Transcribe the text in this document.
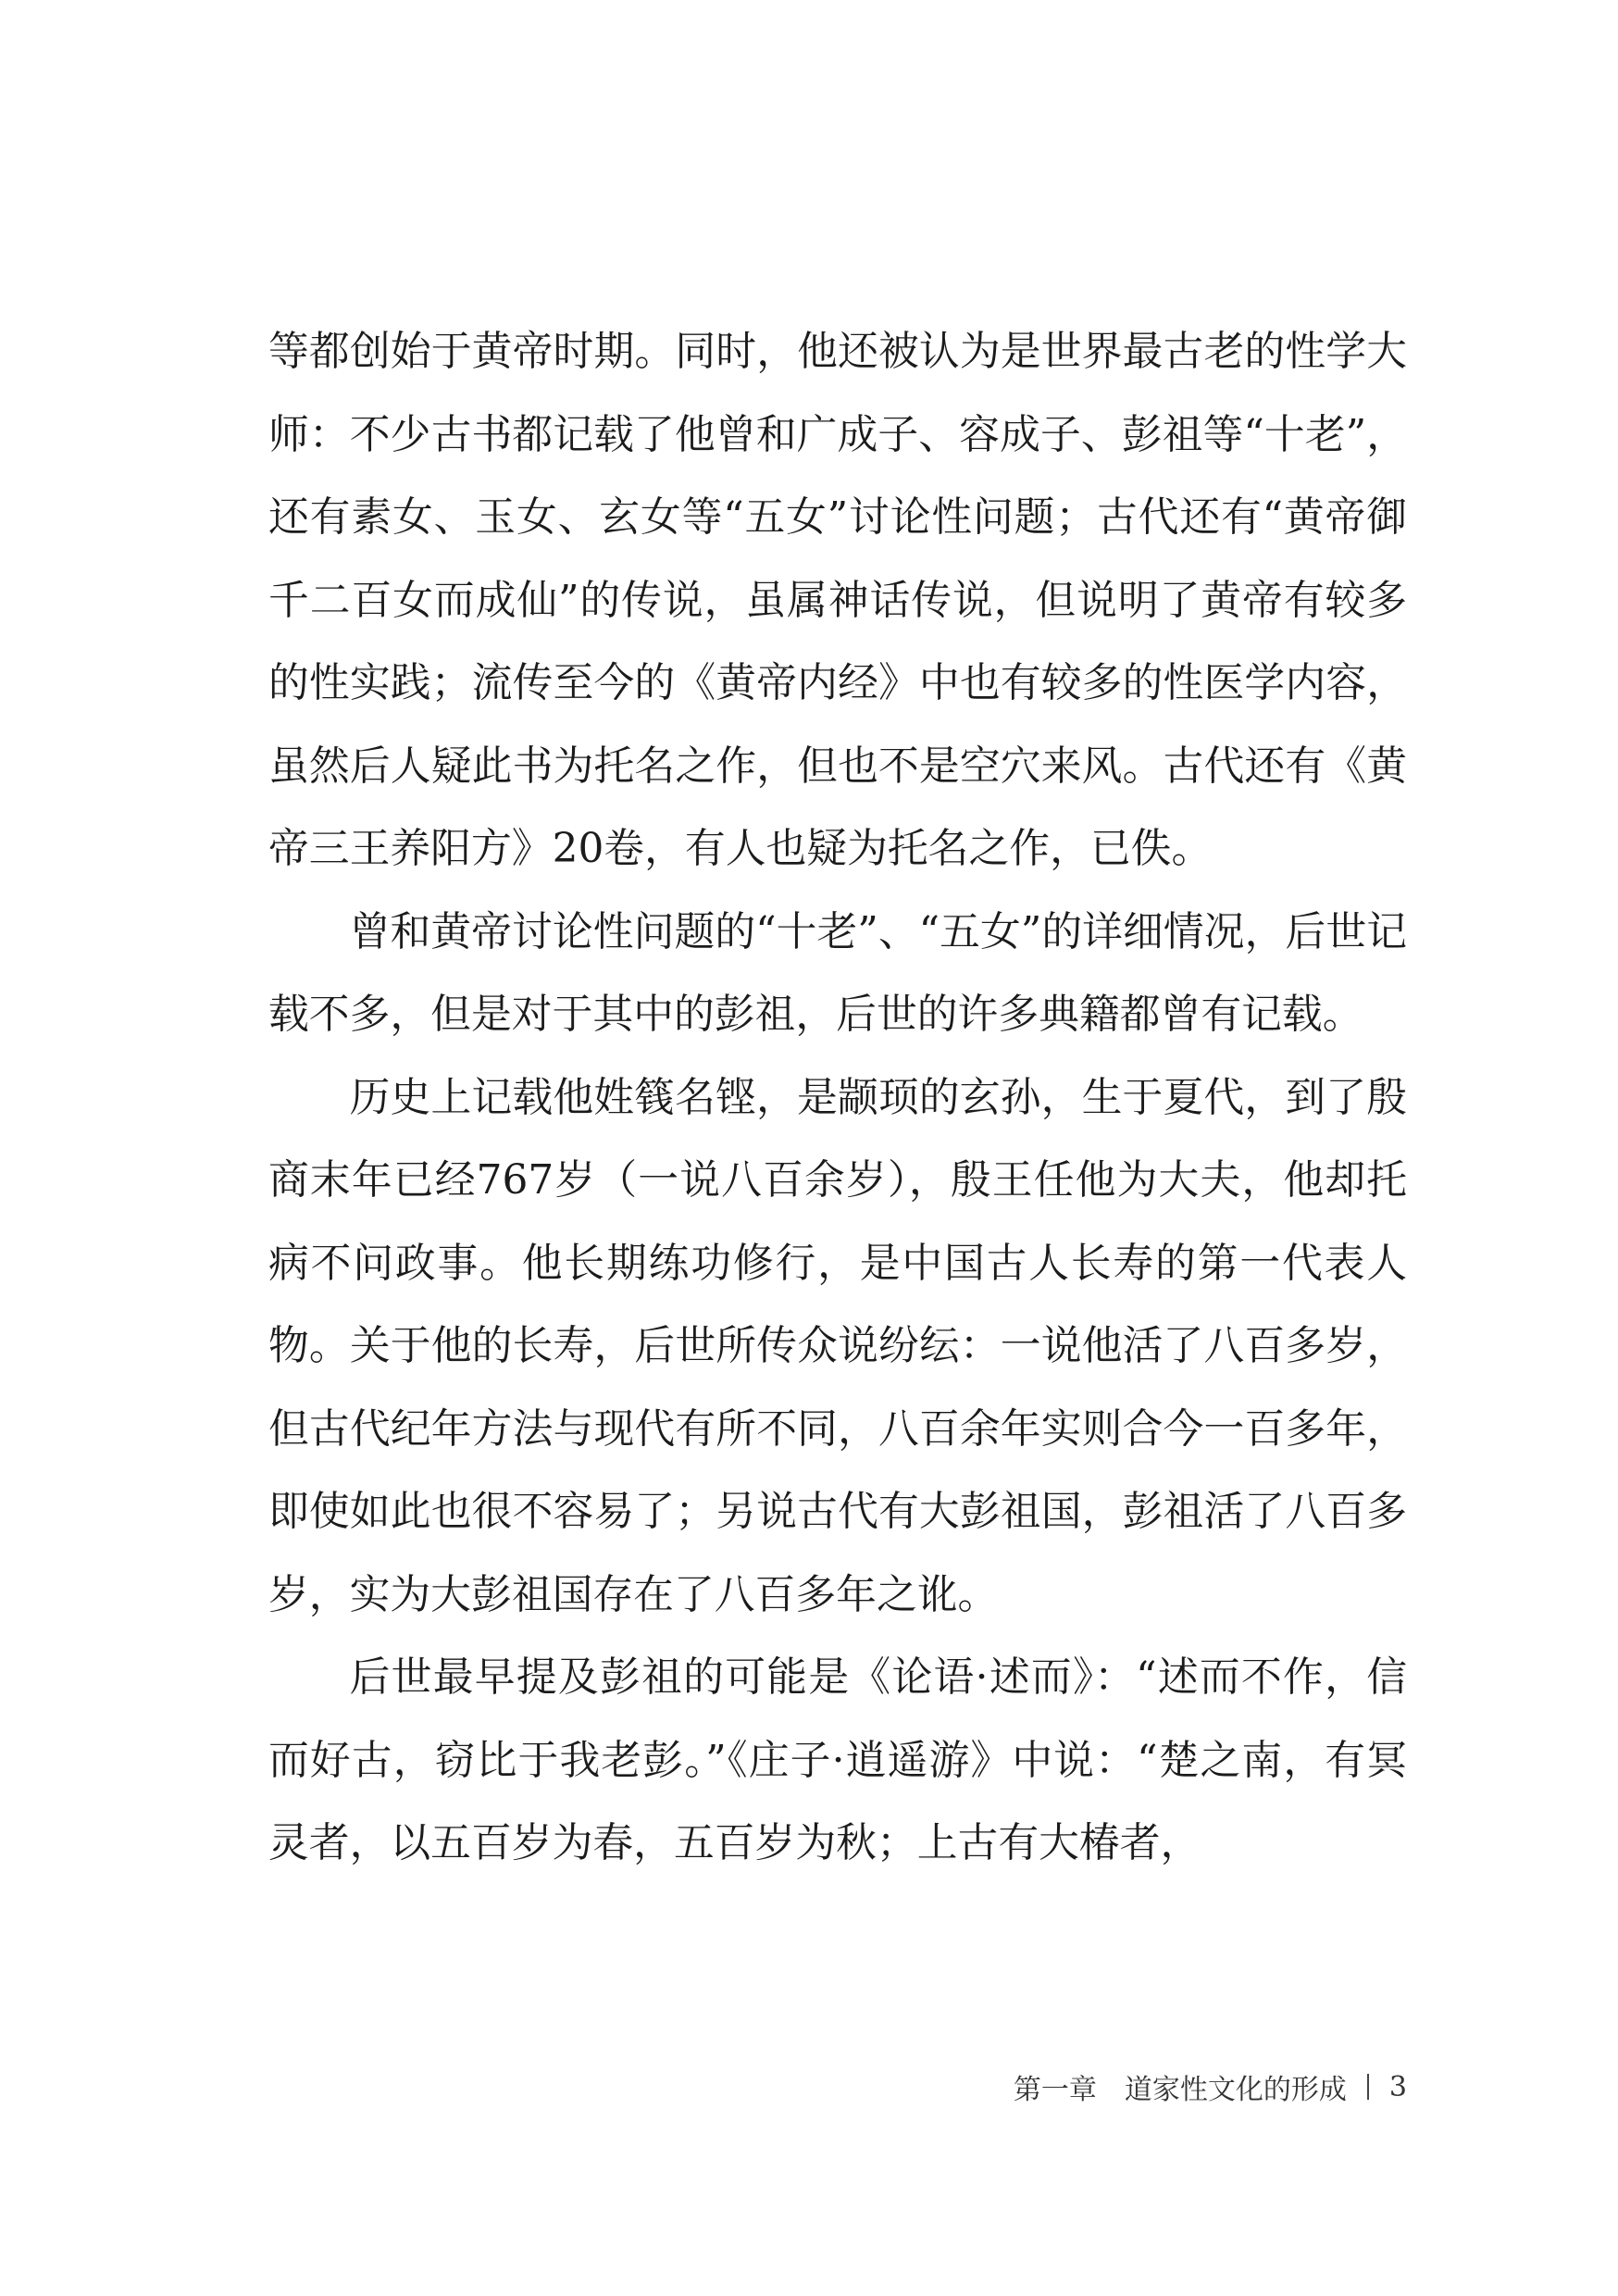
等都创始于黄帝时期。同时，他还被认为是世界最古老的性学大师：不少古书都记载了他曾和广成子、容成子、彭祖等“十老”，还有素女、玉女、玄女等“五女”讨论性问题；古代还有“黄帝御千二百女而成仙”的传说，虽属神话传说，但说明了黄帝有较多的性实践；流传至今的《黄帝内经》中也有较多的性医学内容，虽然后人疑此书为托名之作，但也不是空穴来风。古代还有《黄帝三王养阳方》20卷，有人也疑为托名之作，已佚。

曾和黄帝讨论性问题的“十老”、“五女”的详细情况，后世记载不多，但是对于其中的彭祖，后世的许多典籍都曾有记载。

历史上记载他姓篯名铿，是颛顼的玄孙，生于夏代，到了殷商末年已经767岁（一说八百余岁），殷王任他为大夫，他却托病不问政事。他长期练功修行，是中国古人长寿的第一代表人物。关于他的长寿，后世所传众说纷纭：一说他活了八百多岁，但古代纪年方法与现代有所不同，八百余年实则合今一百多年，即使如此也很不容易了；另说古代有大彭祖国，彭祖活了八百多岁，实为大彭祖国存在了八百多年之讹。

后世最早提及彭祖的可能是《论语·述而》：“述而不作，信而好古，窃比于我老彭。”《庄子·逍遥游》中说：“楚之南，有冥灵者，以五百岁为春，五百岁为秋；上古有大椿者，

第一章 道家性文化的形成 3
